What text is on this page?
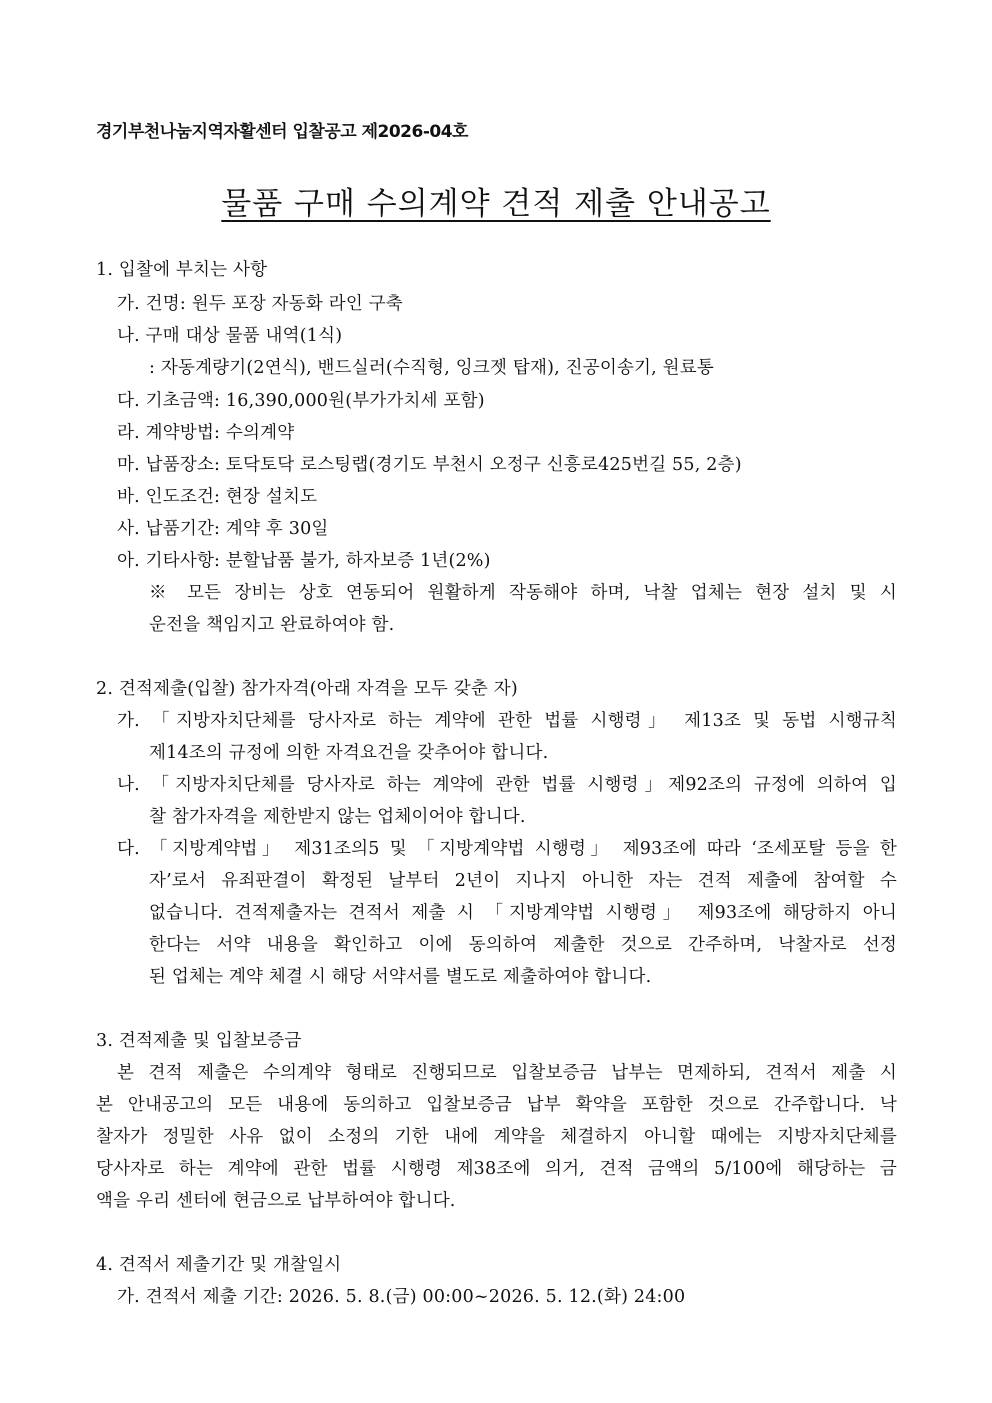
경기부천나눔지역자활센터 입찰공고 제2026-04호
물품 구매 수의계약 견적 제출 안내공고
1. 입찰에 부치는 사항
가. 건명: 원두 포장 자동화 라인 구축
나. 구매 대상 물품 내역(1식)
: 자동계량기(2연식), 밴드실러(수직형, 잉크젯 탑재), 진공이송기, 원료통
다. 기초금액: 16,390,000원(부가가치세 포함)
라. 계약방법: 수의계약
마. 납품장소: 토닥토닥 로스팅랩(경기도 부천시 오정구 신흥로425번길 55, 2층)
바. 인도조건: 현장 설치도
사. 납품기간: 계약 후 30일
아. 기타사항: 분할납품 불가, 하자보증 1년(2%)
※ 모든 장비는 상호 연동되어 원활하게 작동해야 하며, 낙찰 업체는 현장 설치 및 시
운전을 책임지고 완료하여야 함.
2. 견적제출(입찰) 참가자격(아래 자격을 모두 갖춘 자)
가. 「지방자치단체를 당사자로 하는 계약에 관한 법률 시행령」 제13조 및 동법 시행규칙
제14조의 규정에 의한 자격요건을 갖추어야 합니다.
나. 「지방자치단체를 당사자로 하는 계약에 관한 법률 시행령」제92조의 규정에 의하여 입
찰 참가자격을 제한받지 않는 업체이어야 합니다.
다. 「지방계약법」 제31조의5 및 「지방계약법 시행령」 제93조에 따라 ‘조세포탈 등을 한
자’로서 유죄판결이 확정된 날부터 2년이 지나지 아니한 자는 견적 제출에 참여할 수
없습니다. 견적제출자는 견적서 제출 시 「지방계약법 시행령」 제93조에 해당하지 아니
한다는 서약 내용을 확인하고 이에 동의하여 제출한 것으로 간주하며, 낙찰자로 선정
된 업체는 계약 체결 시 해당 서약서를 별도로 제출하여야 합니다.
3. 견적제출 및 입찰보증금
본 견적 제출은 수의계약 형태로 진행되므로 입찰보증금 납부는 면제하되, 견적서 제출 시
본 안내공고의 모든 내용에 동의하고 입찰보증금 납부 확약을 포함한 것으로 간주합니다. 낙
찰자가 정밀한 사유 없이 소정의 기한 내에 계약을 체결하지 아니할 때에는 지방자치단체를
당사자로 하는 계약에 관한 법률 시행령 제38조에 의거, 견적 금액의 5/100에 해당하는 금
액을 우리 센터에 현금으로 납부하여야 합니다.
4. 견적서 제출기간 및 개찰일시
가. 견적서 제출 기간: 2026. 5. 8.(금) 00:00~2026. 5. 12.(화) 24:00
